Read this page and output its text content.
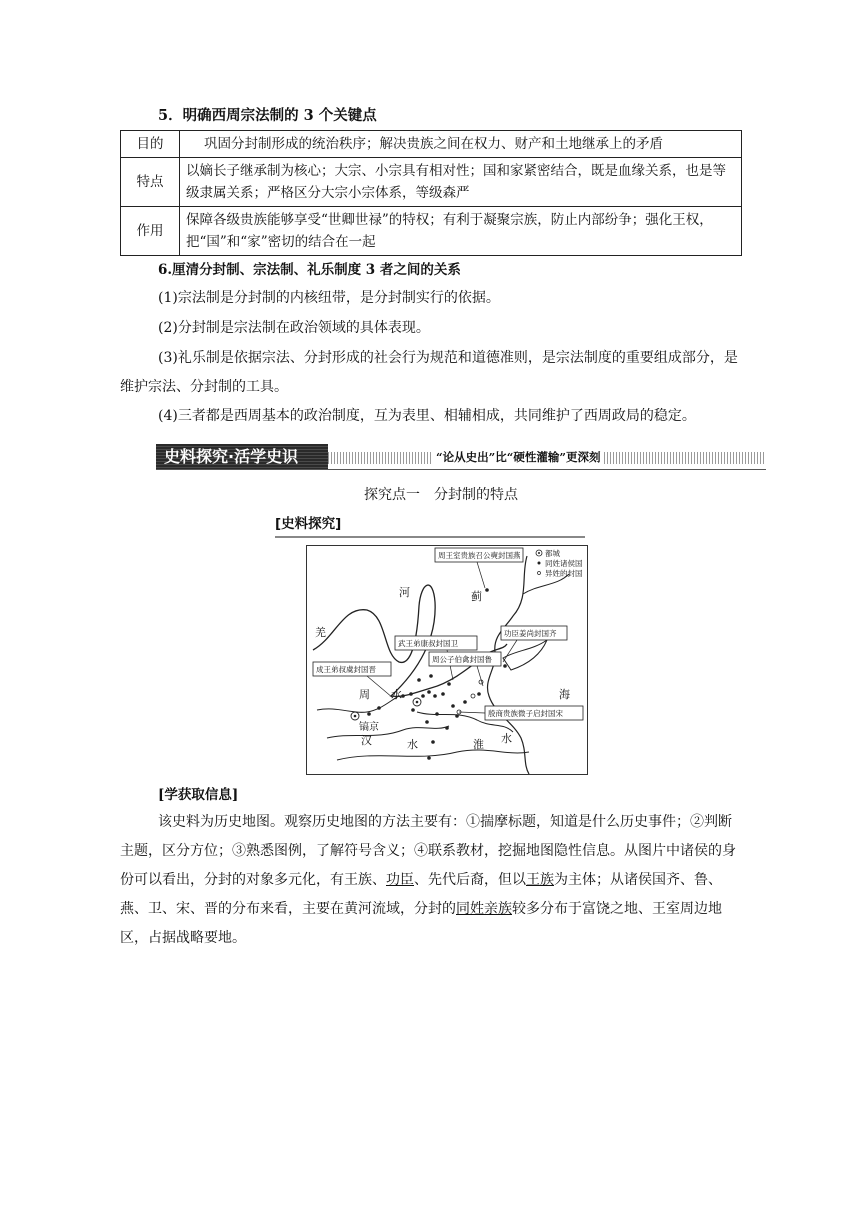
5．明确西周宗法制的 3 个关键点
目的	巩固分封制形成的统治秩序；解决贵族之间在权力、财产和土地继承上的矛盾
特点	以嫡长子继承制为核心；大宗、小宗具有相对性；国和家紧密结合，既是血缘关系，也是等级隶属关系；严格区分大宗小宗体系，等级森严
作用	保障各级贵族能够享受“世卿世禄”的特权；有利于凝聚宗族，防止内部纷争；强化王权，把“国”和“家”密切的结合在一起
6.厘清分封制、宗法制、礼乐制度 3 者之间的关系
(1)宗法制是分封制的内核纽带，是分封制实行的依据。
(2)分封制是宗法制在政治领域的具体表现。
(3)礼乐制是依据宗法、分封形成的社会行为规范和道德准则，是宗法制度的重要组成部分，是维护宗法、分封制的工具。
(4)三者都是西周基本的政治制度，互为表里、相辅相成，共同维护了西周政局的稳定。
史料探究·活学史识	“论从史出”比“硬性灌输”更深刻
探究点一　分封制的特点
[史料探究]
都城
同姓诸侯国
异姓的封国
周王室贵族召公奭封国燕
功臣姜尚封国齐
武王弟康叔封国卫
周公子伯禽封国鲁
成王弟叔虞封国晋
殷商贵族微子启封国宋
羌
河	蓟
周 水
镐京
汉	水	淮 水
海
[学获取信息]
该史料为历史地图。观察历史地图的方法主要有：①揣摩标题，知道是什么历史事件；②判断主题，区分方位；③熟悉图例，了解符号含义；④联系教材，挖掘地图隐性信息。从图片中诸侯的身份可以看出，分封的对象多元化，有王族、功臣、先代后裔，但以王族为主体；从诸侯国齐、鲁、燕、卫、宋、晋的分布来看，主要在黄河流域，分封的同姓亲族较多分布于富饶之地、王室周边地区，占据战略要地。
